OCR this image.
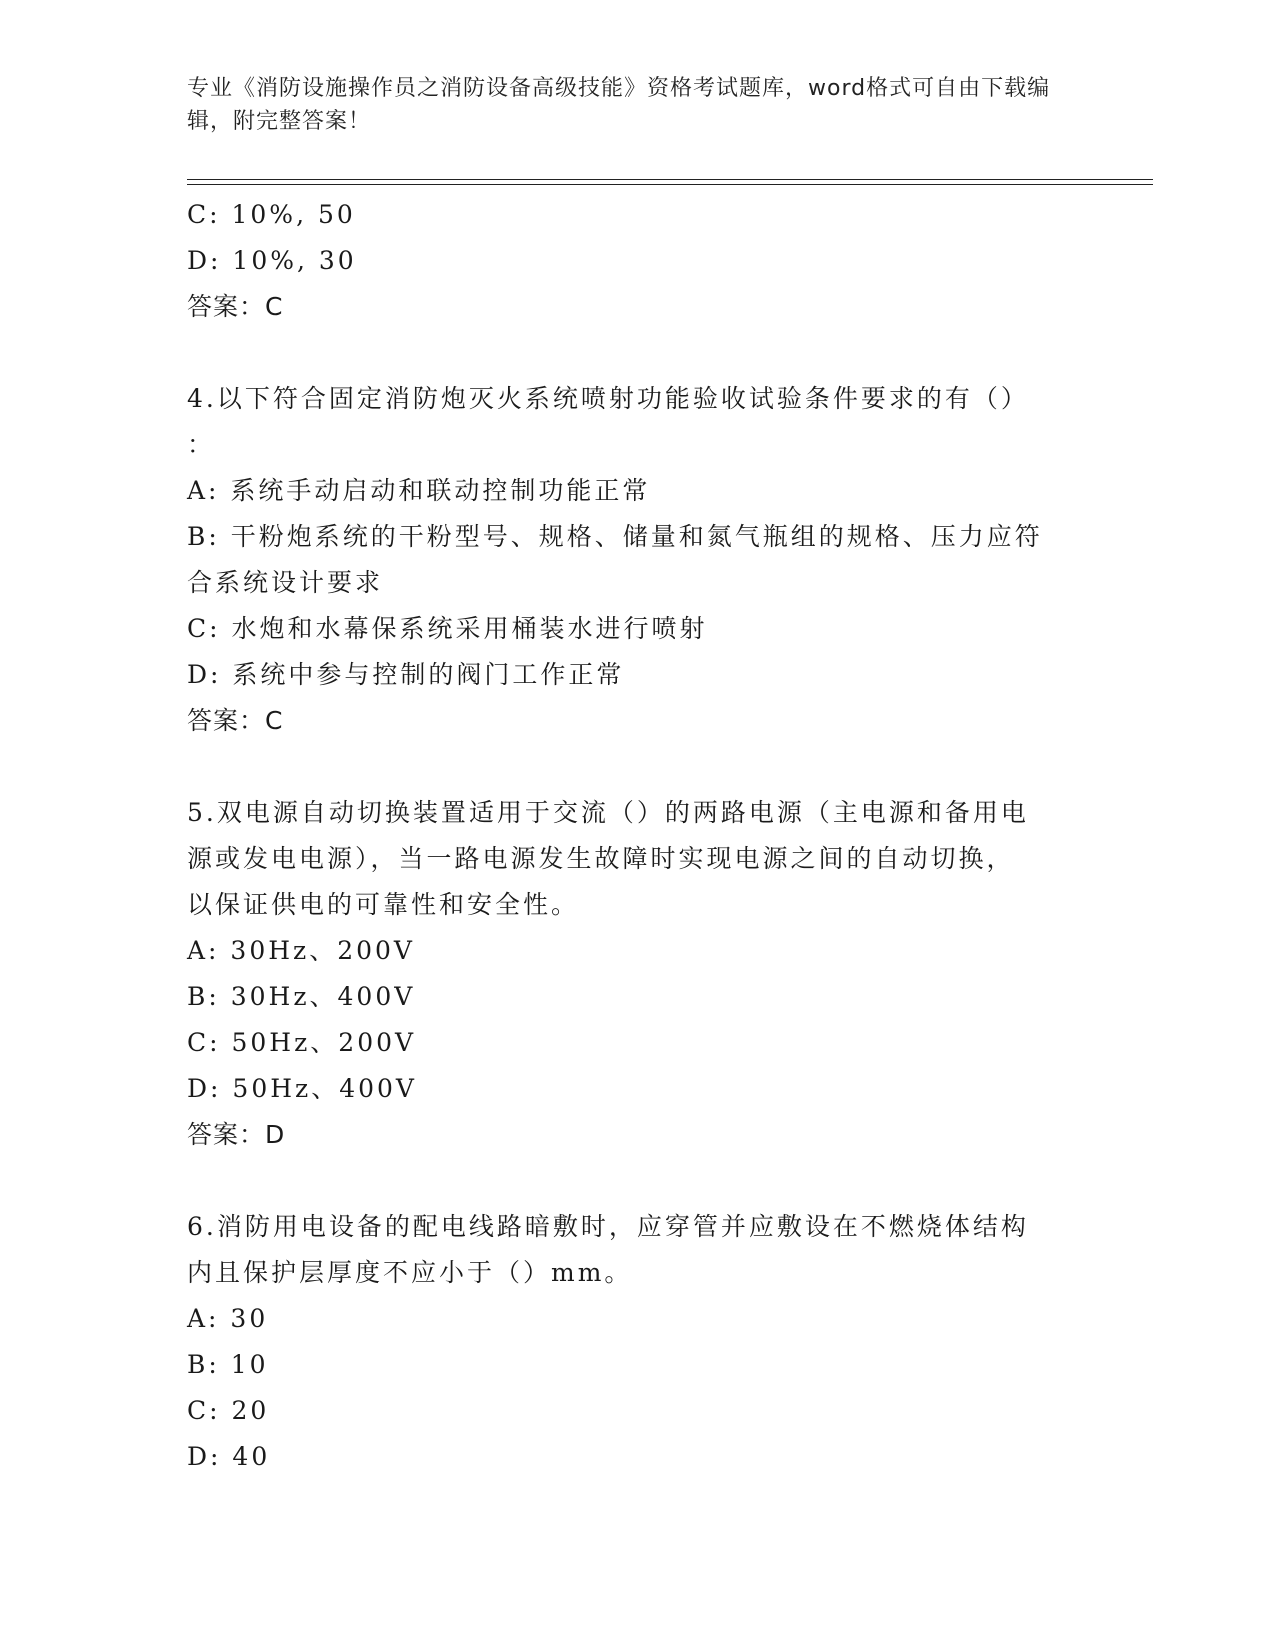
专业《消防设施操作员之消防设备高级技能》资格考试题库，word格式可自由下载编辑，附完整答案！

C: 10%, 50

D: 10%, 30

答案：C

4.以下符合固定消防炮灭火系统喷射功能验收试验条件要求的有（）

：

A: 系统手动启动和联动控制功能正常

B: 干粉炮系统的干粉型号、规格、储量和氮气瓶组的规格、压力应符

合系统设计要求

C: 水炮和水幕保系统采用桶装水进行喷射

D: 系统中参与控制的阀门工作正常

答案：C

5.双电源自动切换装置适用于交流（）的两路电源（主电源和备用电

源或发电电源），当一路电源发生故障时实现电源之间的自动切换，

以保证供电的可靠性和安全性。

A: 30Hz、200V

B: 30Hz、400V

C: 50Hz、200V

D: 50Hz、400V

答案：D

6.消防用电设备的配电线路暗敷时，应穿管并应敷设在不燃烧体结构

内且保护层厚度不应小于（）mm。

A: 30

B: 10

C: 20

D: 40
